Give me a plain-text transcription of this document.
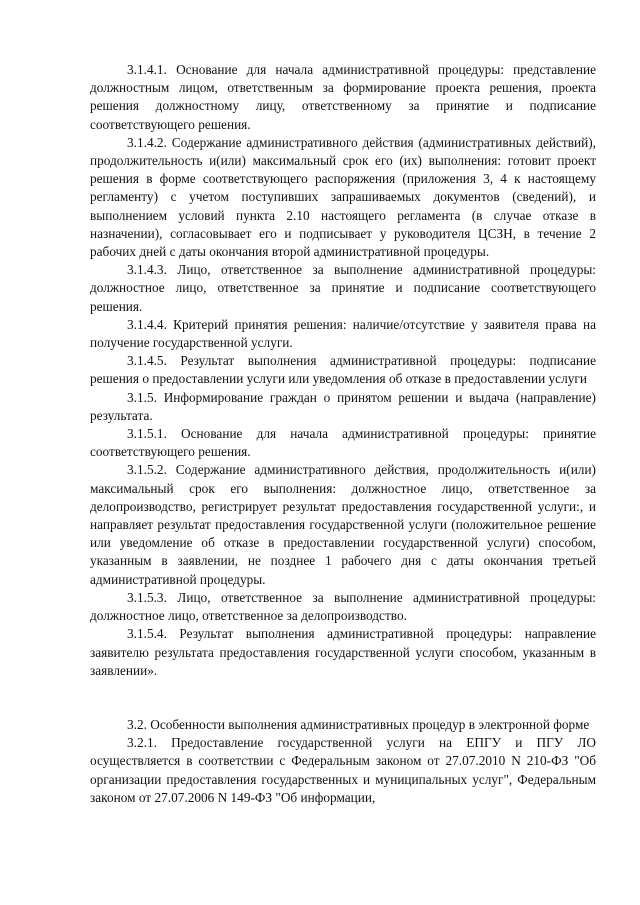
3.1.4.1. Основание для начала административной процедуры: представление должностным лицом, ответственным за формирование проекта решения, проекта решения должностному лицу, ответственному за принятие и подписание соответствующего решения.

3.1.4.2. Содержание административного действия (административных действий), продолжительность и(или) максимальный срок его (их) выполнения: готовит проект решения в форме соответствующего распоряжения (приложения 3, 4 к настоящему регламенту) с учетом поступивших запрашиваемых документов (сведений), и выполнением условий пункта 2.10 настоящего регламента (в случае отказе в назначении), согласовывает его и подписывает у руководителя ЦСЗН, в течение 2 рабочих дней с даты окончания второй административной процедуры.

3.1.4.3. Лицо, ответственное за выполнение административной процедуры: должностное лицо, ответственное за принятие и подписание соответствующего решения.

3.1.4.4. Критерий принятия решения: наличие/отсутствие у заявителя права на получение государственной услуги.

3.1.4.5. Результат выполнения административной процедуры: подписание решения о предоставлении услуги или уведомления об отказе в предоставлении услуги

3.1.5. Информирование граждан о принятом решении и выдача (направление) результата.

3.1.5.1. Основание для начала административной процедуры: принятие соответствующего решения.

3.1.5.2. Содержание административного действия, продолжительность и(или) максимальный срок его выполнения: должностное лицо, ответственное за делопроизводство, регистрирует результат предоставления государственной услуги:, и направляет результат предоставления государственной услуги (положительное решение или уведомление об отказе в предоставлении государственной услуги) способом, указанным в заявлении, не позднее 1 рабочего дня с даты окончания третьей административной процедуры.

3.1.5.3. Лицо, ответственное за выполнение административной процедуры: должностное лицо, ответственное за делопроизводство.

3.1.5.4. Результат выполнения административной процедуры: направление заявителю результата предоставления государственной услуги способом, указанным в заявлении».

3.2. Особенности выполнения административных процедур в электронной форме

3.2.1. Предоставление государственной услуги на ЕПГУ и ПГУ ЛО осуществляется в соответствии с Федеральным законом от 27.07.2010 N 210-ФЗ "Об организации предоставления государственных и муниципальных услуг", Федеральным законом от 27.07.2006 N 149-ФЗ "Об информации,
